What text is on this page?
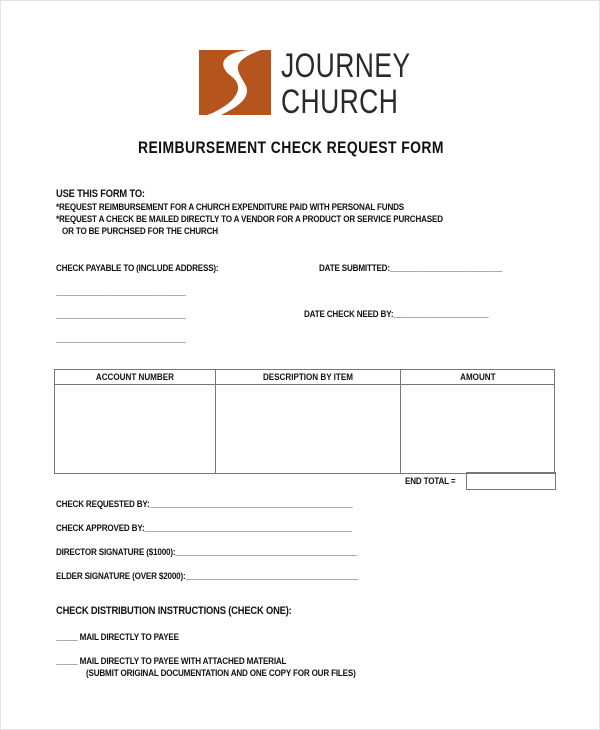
JOURNEY
CHURCH
REIMBURSEMENT CHECK REQUEST FORM
USE THIS FORM TO:
*REQUEST REIMBURSEMENT FOR A CHURCH EXPENDITURE PAID WITH PERSONAL FUNDS
*REQUEST A CHECK BE MAILED DIRECTLY TO A VENDOR FOR A PRODUCT OR SERVICE PURCHASED
OR TO BE PURCHSED FOR THE CHURCH
CHECK PAYABLE TO (INCLUDE ADDRESS):
______________________________
______________________________
______________________________
DATE SUBMITTED:__________________________
DATE CHECK NEED BY:______________________
ACCOUNT NUMBER	DESCRIPTION BY ITEM	AMOUNT

END TOTAL =
CHECK REQUESTED BY:_______________________________________________
CHECK APPROVED BY:________________________________________________
DIRECTOR SIGNATURE ($1000):__________________________________________
ELDER SIGNATURE (OVER $2000):________________________________________
CHECK DISTRIBUTION INSTRUCTIONS (CHECK ONE):
_____ MAIL DIRECTLY TO PAYEE
_____ MAIL DIRECTLY TO PAYEE WITH ATTACHED MATERIAL
(SUBMIT ORIGINAL DOCUMENTATION AND ONE COPY FOR OUR FILES)
